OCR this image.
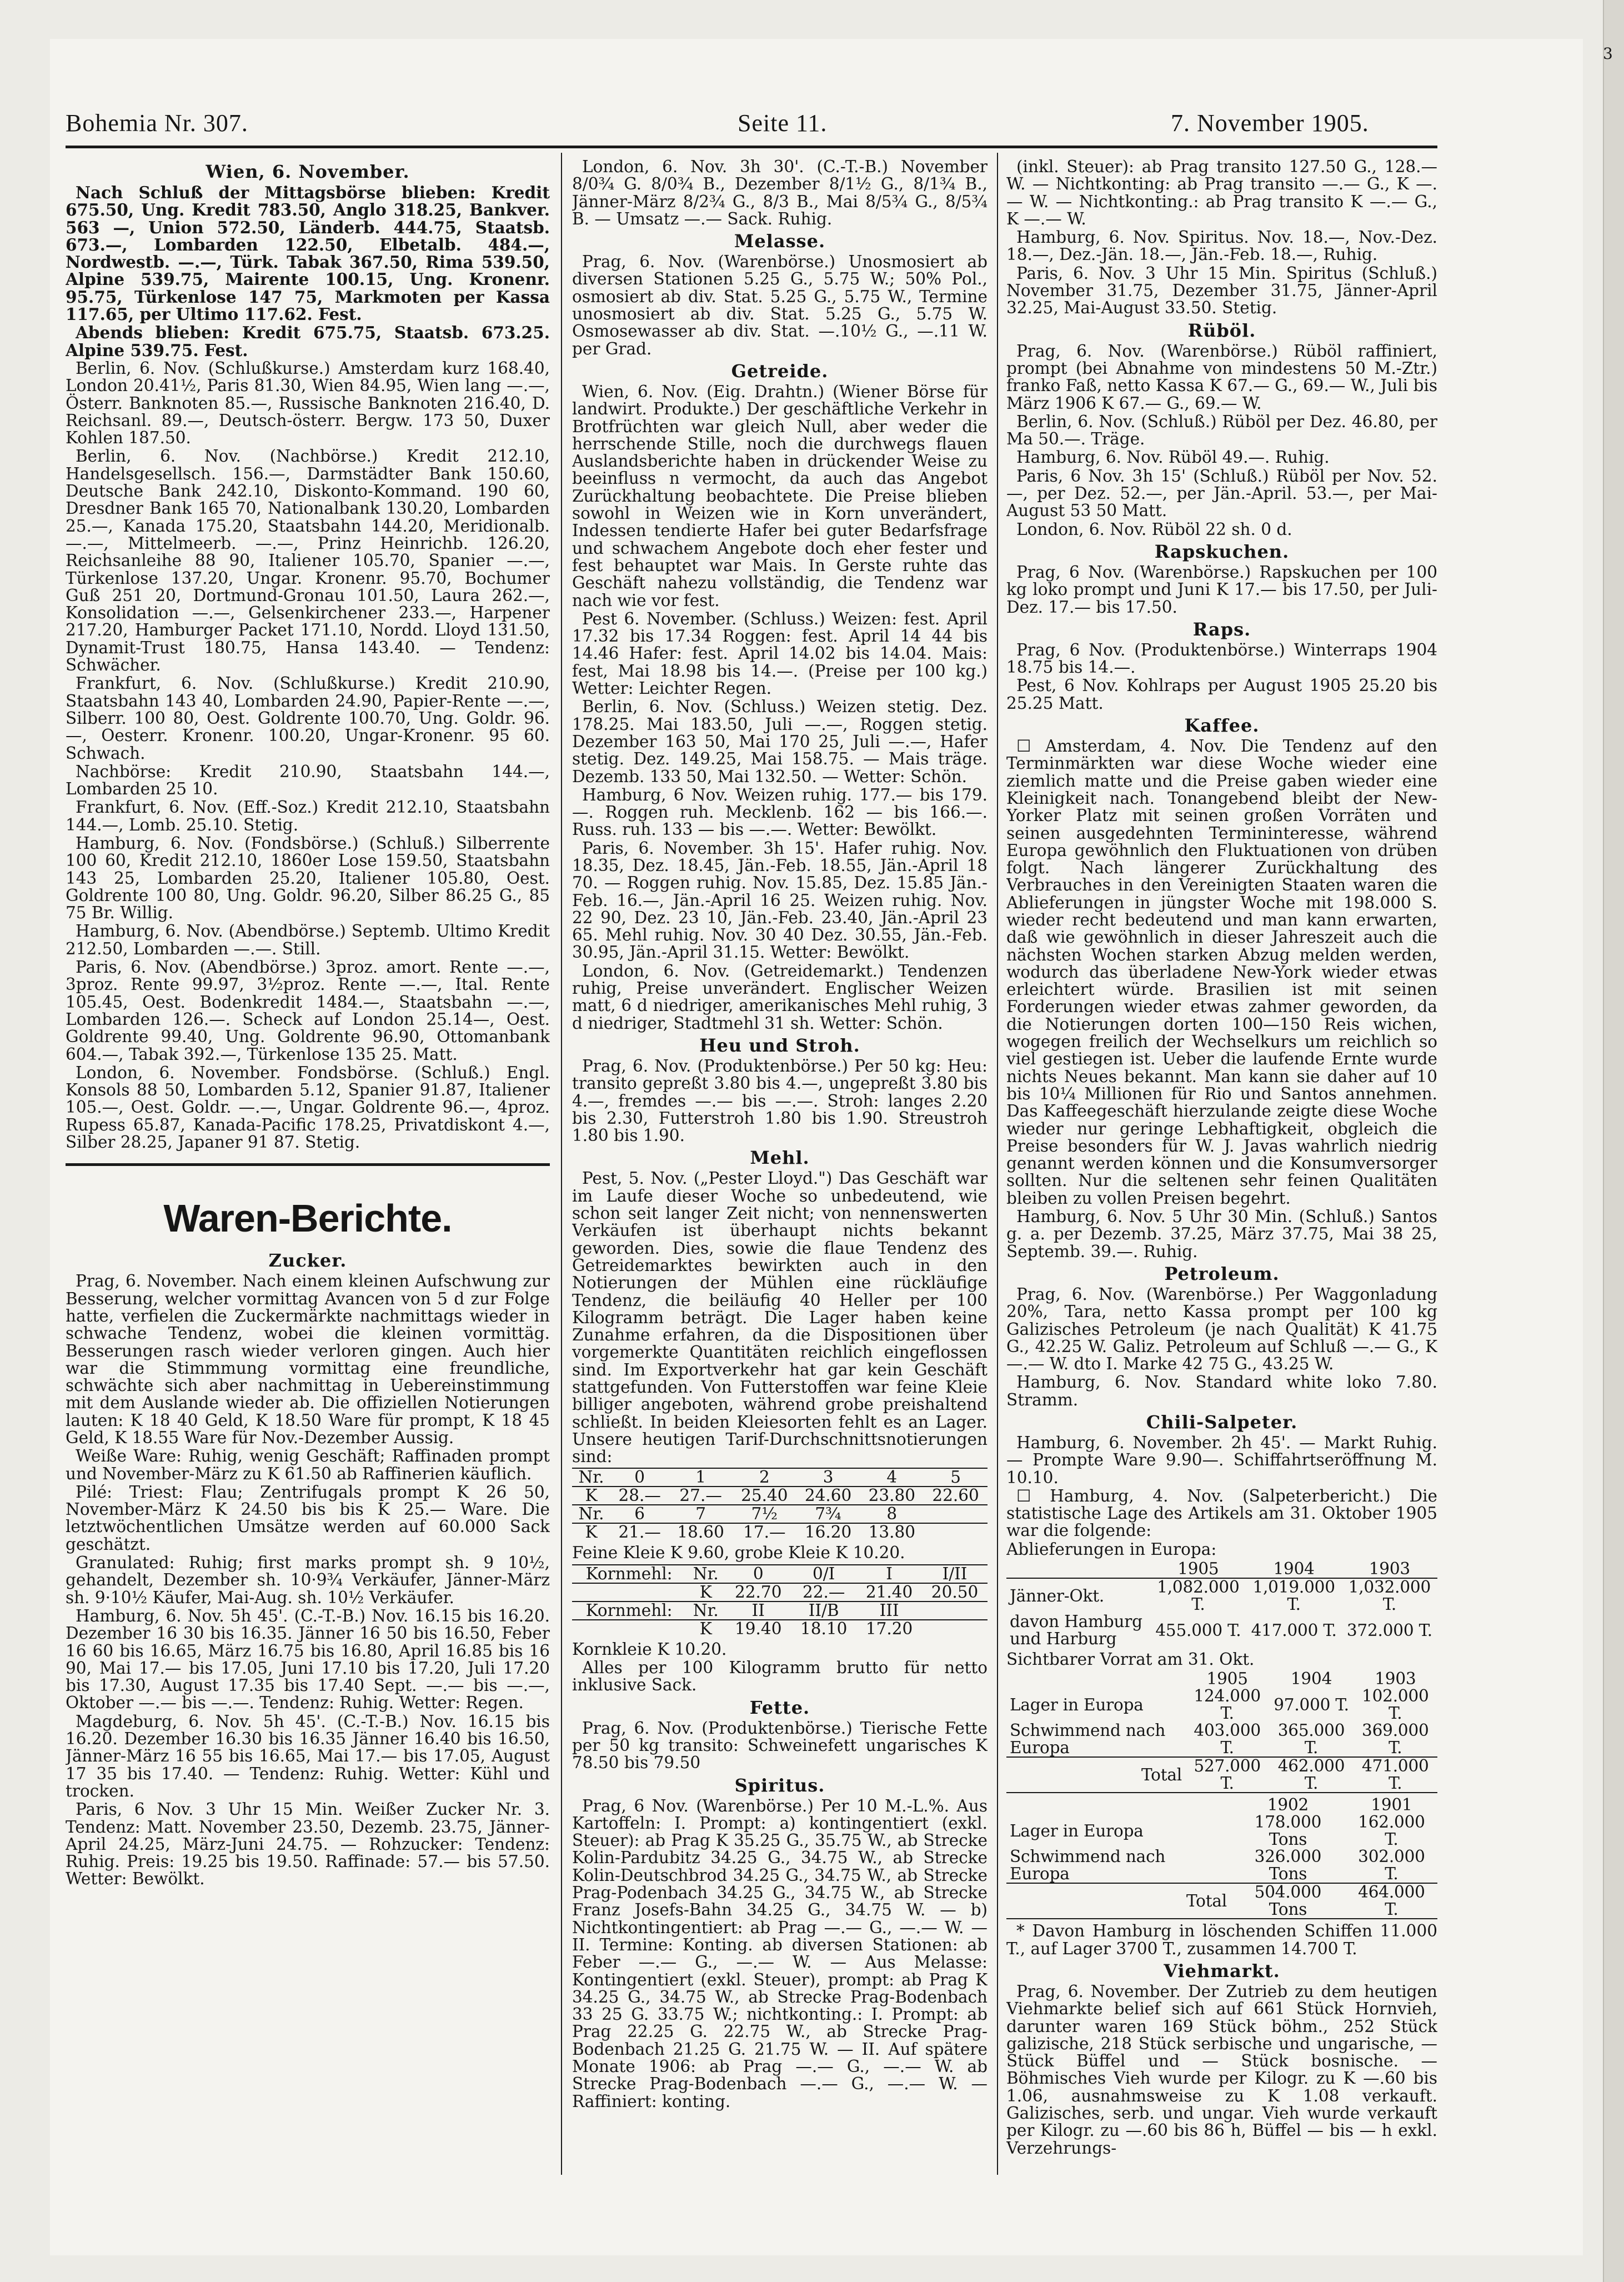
3
Bohemia Nr. 307.	Seite 11.	7. November 1905.
Wien, 6. November.

Nach Schluß der Mittagsbörse blieben: Kredit 675.50, Ung. Kredit 783.50, Anglo 318.25, Bankver. 563 —, Union 572.50, Länderb. 444.75, Staatsb. 673.—, Lombarden 122.50, Elbetalb. 484.—, Nordwestb. —.—, Türk. Tabak 367.50, Rima 539.50, Alpine 539.75, Mairente 100.15, Ung. Kronenr. 95.75, Türkenlose 147 75, Markmoten per Kassa 117.65, per Ultimo 117.62. Fest.

Abends blieben: Kredit 675.75, Staatsb. 673.25. Alpine 539.75. Fest.

Berlin, 6. Nov. (Schlußkurse.) Amsterdam kurz 168.40, London 20.41½, Paris 81.30, Wien 84.95, Wien lang —.—, Österr. Banknoten 85.—, Russische Banknoten 216.40, D. Reichsanl. 89.—, Deutsch-österr. Bergw. 173 50, Duxer Kohlen 187.50.

Berlin, 6. Nov. (Nachbörse.) Kredit 212.10, Handelsgesellsch. 156.—, Darmstädter Bank 150.60, Deutsche Bank 242.10, Diskonto-Kommand. 190 60, Dresdner Bank 165 70, Nationalbank 130.20, Lombarden 25.—, Kanada 175.20, Staatsbahn 144.20, Meridionalb. —.—, Mittelmeerb. —.—, Prinz Heinrichb. 126.20, Reichsanleihe 88 90, Italiener 105.70, Spanier —.—, Türkenlose 137.20, Ungar. Kronenr. 95.70, Bochumer Guß 251 20, Dortmund-Gronau 101.50, Laura 262.—, Konsolidation —.—, Gelsenkirchener 233.—, Harpener 217.20, Hamburger Packet 171.10, Nordd. Lloyd 131.50, Dynamit-Trust 180.75, Hansa 143.40. — Tendenz: Schwächer.

Frankfurt, 6. Nov. (Schlußkurse.) Kredit 210.90, Staatsbahn 143 40, Lombarden 24.90, Papier-Rente —.—, Silberr. 100 80, Oest. Goldrente 100.70, Ung. Goldr. 96.—, Oesterr. Kronenr. 100.20, Ungar-Kronenr. 95 60. Schwach.

Nachbörse: Kredit 210.90, Staatsbahn 144.—, Lombarden 25 10.

Frankfurt, 6. Nov. (Eff.-Soz.) Kredit 212.10, Staatsbahn 144.—, Lomb. 25.10. Stetig.

Hamburg, 6. Nov. (Fondsbörse.) (Schluß.) Silberrente 100 60, Kredit 212.10, 1860er Lose 159.50, Staatsbahn 143 25, Lombarden 25.20, Italiener 105.80, Oest. Goldrente 100 80, Ung. Goldr. 96.20, Silber 86.25 G., 85 75 Br. Willig.

Hamburg, 6. Nov. (Abendbörse.) Septemb. Ultimo Kredit 212.50, Lombarden —.—. Still.

Paris, 6. Nov. (Abendbörse.) 3proz. amort. Rente —.—, 3proz. Rente 99.97, 3½proz. Rente —.—, Ital. Rente 105.45, Oest. Bodenkredit 1484.—, Staatsbahn —.—, Lombarden 126.—. Scheck auf London 25.14—, Oest. Goldrente 99.40, Ung. Goldrente 96.90, Ottomanbank 604.—, Tabak 392.—, Türkenlose 135 25. Matt.

London, 6. November. Fondsbörse. (Schluß.) Engl. Konsols 88 50, Lombarden 5.12, Spanier 91.87, Italiener 105.—, Oest. Goldr. —.—, Ungar. Goldrente 96.—, 4proz. Rupess 65.87, Kanada-Pacific 178.25, Privatdiskont 4.—, Silber 28.25, Japaner 91 87. Stetig.

Waren-Berichte.
Zucker.

Prag, 6. November. Nach einem kleinen Aufschwung zur Besserung, welcher vormittag Avancen von 5 d zur Folge hatte, verfielen die Zuckermärkte nachmittags wieder in schwache Tendenz, wobei die kleinen vormittäg. Besserungen rasch wieder verloren gingen. Auch hier war die Stimmmung vormittag eine freundliche, schwächte sich aber nachmittag in Uebereinstimmung mit dem Auslande wieder ab. Die offiziellen Notierungen lauten: K 18 40 Geld, K 18.50 Ware für prompt, K 18 45 Geld, K 18.55 Ware für Nov.-Dezember Aussig.

Weiße Ware: Ruhig, wenig Geschäft; Raffinaden prompt und November-März zu K 61.50 ab Raffinerien käuflich.

Pilé: Triest: Flau; Zentrifugals prompt K 26 50, November-März K 24.50 bis bis K 25.— Ware. Die letztwöchentlichen Umsätze werden auf 60.000 Sack geschätzt.

Granulated: Ruhig; first marks prompt sh. 9 10½, gehandelt, Dezember sh. 10·9¾ Verkäufer, Jänner-März sh. 9·10½ Käufer, Mai-Aug. sh. 10½ Verkäufer.

Hamburg, 6. Nov. 5h 45'. (C.-T.-B.) Nov. 16.15 bis 16.20. Dezember 16 30 bis 16.35. Jänner 16 50 bis 16.50, Feber 16 60 bis 16.65, März 16.75 bis 16.80, April 16.85 bis 16 90, Mai 17.— bis 17.05, Juni 17.10 bis 17.20, Juli 17.20 bis 17.30, August 17.35 bis 17.40 Sept. —.— bis —.—, Oktober —.— bis —.—. Tendenz: Ruhig. Wetter: Regen.

Magdeburg, 6. Nov. 5h 45'. (C.-T.-B.) Nov. 16.15 bis 16.20. Dezember 16.30 bis 16.35 Jänner 16.40 bis 16.50, Jänner-März 16 55 bis 16.65, Mai 17.— bis 17.05, August 17 35 bis 17.40. — Tendenz: Ruhig. Wetter: Kühl und trocken.

Paris, 6 Nov. 3 Uhr 15 Min. Weißer Zucker Nr. 3. Tendenz: Matt. November 23.50, Dezemb. 23.75, Jänner-April 24.25, März-Juni 24.75. — Rohzucker: Tendenz: Ruhig. Preis: 19.25 bis 19.50. Raffinade: 57.— bis 57.50. Wetter: Bewölkt.

London, 6. Nov. 3h 30'. (C.-T.-B.) November 8/0¾ G. 8/0¾ B., Dezember 8/1½ G., 8/1¾ B., Jänner-März 8/2¾ G., 8/3 B., Mai 8/5¾ G., 8/5¾ B. — Umsatz —.— Sack. Ruhig.

Melasse.

Prag, 6. Nov. (Warenbörse.) Unosmosiert ab diversen Stationen 5.25 G., 5.75 W.; 50% Pol., osmosiert ab div. Stat. 5.25 G., 5.75 W., Termine unosmosiert ab div. Stat. 5.25 G., 5.75 W. Osmosewasser ab div. Stat. —.10½ G., —.11 W. per Grad.

Getreide.

Wien, 6. Nov. (Eig. Drahtn.) (Wiener Börse für landwirt. Produkte.) Der geschäftliche Verkehr in Brotfrüchten war gleich Null, aber weder die herrschende Stille, noch die durchwegs flauen Auslandsberichte haben in drückender Weise zu beeinfluss n vermocht, da auch das Angebot Zurückhaltung beobachtete. Die Preise blieben sowohl in Weizen wie in Korn unverändert, Indessen tendierte Hafer bei guter Bedarfsfrage und schwachem Angebote doch eher fester und fest behauptet war Mais. In Gerste ruhte das Geschäft nahezu vollständig, die Tendenz war nach wie vor fest.

Pest 6. November. (Schluss.) Weizen: fest. April 17.32 bis 17.34 Roggen: fest. April 14 44 bis 14.46 Hafer: fest. April 14.02 bis 14.04. Mais: fest, Mai 18.98 bis 14.—. (Preise per 100 kg.) Wetter: Leichter Regen.

Berlin, 6. Nov. (Schluss.) Weizen stetig. Dez. 178.25. Mai 183.50, Juli —.—, Roggen stetig. Dezember 163 50, Mai 170 25, Juli —.—, Hafer stetig. Dez. 149.25, Mai 158.75. — Mais träge. Dezemb. 133 50, Mai 132.50. — Wetter: Schön.

Hamburg, 6 Nov. Weizen ruhig. 177.— bis 179.—. Roggen ruh. Mecklenb. 162 — bis 166.—. Russ. ruh. 133 — bis —.—. Wetter: Bewölkt.

Paris, 6. November. 3h 15'. Hafer ruhig. Nov. 18.35, Dez. 18.45, Jän.-Feb. 18.55, Jän.-April 18 70. — Roggen ruhig. Nov. 15.85, Dez. 15.85 Jän.-Feb. 16.—, Jän.-April 16 25. Weizen ruhig. Nov. 22 90, Dez. 23 10, Jän.-Feb. 23.40, Jän.-April 23 65. Mehl ruhig. Nov. 30 40 Dez. 30.55, Jän.-Feb. 30.95, Jän.-April 31.15. Wetter: Bewölkt.

London, 6. Nov. (Getreidemarkt.) Tendenzen ruhig, Preise unverändert. Englischer Weizen matt, 6 d niedriger, amerikanisches Mehl ruhig, 3 d niedriger, Stadtmehl 31 sh. Wetter: Schön.

Heu und Stroh.

Prag, 6. Nov. (Produktenbörse.) Per 50 kg: Heu: transito gepreßt 3.80 bis 4.—, ungepreßt 3.80 bis 4.—, fremdes —.— bis —.—. Stroh: langes 2.20 bis 2.30, Futterstroh 1.80 bis 1.90. Streustroh 1.80 bis 1.90.

Mehl.

Pest, 5. Nov. („Pester Lloyd.") Das Geschäft war im Laufe dieser Woche so unbedeutend, wie schon seit langer Zeit nicht; von nennenswerten Verkäufen ist überhaupt nichts bekannt geworden. Dies, sowie die flaue Tendenz des Getreidemarktes bewirkten auch in den Notierungen der Mühlen eine rückläufige Tendenz, die beiläufig 40 Heller per 100 Kilogramm beträgt. Die Lager haben keine Zunahme erfahren, da die Dispositionen über vorgemerkte Quantitäten reichlich eingeflossen sind. Im Exportverkehr hat gar kein Geschäft stattgefunden. Von Futterstoffen war feine Kleie billiger angeboten, während grobe preishaltend schließt. In beiden Kleiesorten fehlt es an Lager. Unsere heutigen Tarif-Durchschnittsnotierungen sind:

Nr.	0	1	2	3	4	5
K	28.—	27.—	25.40	24.60	23.80	22.60
Nr.	6	7	7½	7¾	8	
K	21.—	18.60	17.—	16.20	13.80	

Feine Kleie K 9.60, grobe Kleie K 10.20.

Kornmehl:	Nr.	0	0/I	I	I/II
	K	22.70	22.—	21.40	20.50
Kornmehl:	Nr.	II	II/B	III	
	K	19.40	18.10	17.20	

Kornkleie K 10.20.

Alles per 100 Kilogramm brutto für netto inklusive Sack.

Fette.

Prag, 6. Nov. (Produktenbörse.) Tierische Fette per 50 kg transito: Schweinefett ungarisches K 78.50 bis 79.50

Spiritus.

Prag, 6 Nov. (Warenbörse.) Per 10 M.-L.%. Aus Kartoffeln: I. Prompt: a) kontingentiert (exkl. Steuer): ab Prag K 35.25 G., 35.75 W., ab Strecke Kolin-Pardubitz 34.25 G., 34.75 W., ab Strecke Kolin-Deutschbrod 34.25 G., 34.75 W., ab Strecke Prag-Podenbach 34.25 G., 34.75 W., ab Strecke Franz Josefs-Bahn 34.25 G., 34.75 W. — b) Nichtkontingentiert: ab Prag —.— G., —.— W. — II. Termine: Konting. ab diversen Stationen: ab Feber —.— G., —.— W. — Aus Melasse: Kontingentiert (exkl. Steuer), prompt: ab Prag K 34.25 G., 34.75 W., ab Strecke Prag-Bodenbach 33 25 G. 33.75 W.; nichtkonting.: I. Prompt: ab Prag 22.25 G. 22.75 W., ab Strecke Prag-Bodenbach 21.25 G. 21.75 W. — II. Auf spätere Monate 1906: ab Prag —.— G., —.— W. ab Strecke Prag-Bodenbach —.— G., —.— W. — Raffiniert: konting.

(inkl. Steuer): ab Prag transito 127.50 G., 128.— W. — Nichtkonting: ab Prag transito —.— G., K —.— W. — Nichtkonting.: ab Prag transito K —.— G., K —.— W.

Hamburg, 6. Nov. Spiritus. Nov. 18.—, Nov.-Dez. 18.—, Dez.-Jän. 18.—, Jän.-Feb. 18.—, Ruhig.

Paris, 6. Nov. 3 Uhr 15 Min. Spiritus (Schluß.) November 31.75, Dezember 31.75, Jänner-April 32.25, Mai-August 33.50. Stetig.

Rüböl.

Prag, 6. Nov. (Warenbörse.) Rüböl raffiniert, prompt (bei Abnahme von mindestens 50 M.-Ztr.) franko Faß, netto Kassa K 67.— G., 69.— W., Juli bis März 1906 K 67.— G., 69.— W.

Berlin, 6. Nov. (Schluß.) Rüböl per Dez. 46.80, per Ma 50.—. Träge.

Hamburg, 6. Nov. Rüböl 49.—. Ruhig.

Paris, 6 Nov. 3h 15' (Schluß.) Rüböl per Nov. 52.—, per Dez. 52.—, per Jän.-April. 53.—, per Mai-August 53 50 Matt.

London, 6. Nov. Rüböl 22 sh. 0 d.

Rapskuchen.

Prag, 6 Nov. (Warenbörse.) Rapskuchen per 100 kg loko prompt und Juni K 17.— bis 17.50, per Juli-Dez. 17.— bis 17.50.

Raps.

Prag, 6 Nov. (Produktenbörse.) Winterraps 1904 18.75 bis 14.—.

Pest, 6 Nov. Kohlraps per August 1905 25.20 bis 25.25 Matt.

Kaffee.

☐ Amsterdam, 4. Nov. Die Tendenz auf den Terminmärkten war diese Woche wieder eine ziemlich matte und die Preise gaben wieder eine Kleinigkeit nach. Tonangebend bleibt der New-Yorker Platz mit seinen großen Vorräten und seinen ausgedehnten Termininteresse, während Europa gewöhnlich den Fluktuationen von drüben folgt. Nach längerer Zurückhaltung des Verbrauches in den Vereinigten Staaten waren die Ablieferungen in jüngster Woche mit 198.000 S. wieder recht bedeutend und man kann erwarten, daß wie gewöhnlich in dieser Jahreszeit auch die nächsten Wochen starken Abzug melden werden, wodurch das überladene New-York wieder etwas erleichtert würde. Brasilien ist mit seinen Forderungen wieder etwas zahmer geworden, da die Notierungen dorten 100—150 Reis wichen, wogegen freilich der Wechselkurs um reichlich so viel gestiegen ist. Ueber die laufende Ernte wurde nichts Neues bekannt. Man kann sie daher auf 10 bis 10¼ Millionen für Rio und Santos annehmen. Das Kaffeegeschäft hierzulande zeigte diese Woche wieder nur geringe Lebhaftigkeit, obgleich die Preise besonders für W. J. Javas wahrlich niedrig genannt werden können und die Konsumversorger sollten. Nur die seltenen sehr feinen Qualitäten bleiben zu vollen Preisen begehrt.

Hamburg, 6. Nov. 5 Uhr 30 Min. (Schluß.) Santos g. a. per Dezemb. 37.25, März 37.75, Mai 38 25, Septemb. 39.—. Ruhig.

Petroleum.

Prag, 6. Nov. (Warenbörse.) Per Waggonladung 20%, Tara, netto Kassa prompt per 100 kg Galizisches Petroleum (je nach Qualität) K 41.75 G., 42.25 W. Galiz. Petroleum auf Schluß —.— G., K —.— W. dto I. Marke 42 75 G., 43.25 W.

Hamburg, 6. Nov. Standard white loko 7.80. Stramm.

Chili-Salpeter.

Hamburg, 6. November. 2h 45'. — Markt Ruhig. — Prompte Ware 9.90—. Schiffahrtseröffnung M. 10.10.

☐ Hamburg, 4. Nov. (Salpeterbericht.) Die statistische Lage des Artikels am 31. Oktober 1905 war die folgende:

Ablieferungen in Europa:

	1905	1904	1903
Jänner-Okt.	1,082.000 T.	1,019.000 T.	1,032.000 T.
davon Hamburg und Harburg	455.000 T.	417.000 T.	372.000 T.

Sichtbarer Vorrat am 31. Okt.

	1905	1904	1903
Lager in Europa	124.000 T.	97.000 T.	102.000 T.
Schwimmend nach Europa	403.000 T.	365.000 T.	369.000 T.
Total	527.000 T.	462.000 T.	471.000 T.
	1902	1901
Lager in Europa	178.000 Tons	162.000 T.
Schwimmend nach Europa	326.000 Tons	302.000 T.
Total	504.000 Tons	464.000 T.

* Davon Hamburg in löschenden Schiffen 11.000 T., auf Lager 3700 T., zusammen 14.700 T.

Viehmarkt.

Prag, 6. November. Der Zutrieb zu dem heutigen Viehmarkte belief sich auf 661 Stück Hornvieh, darunter waren 169 Stück böhm., 252 Stück galizische, 218 Stück serbische und ungarische, — Stück Büffel und — Stück bosnische. — Böhmisches Vieh wurde per Kilogr. zu K —.60 bis 1.06, ausnahmsweise zu K 1.08 verkauft. Galizisches, serb. und ungar. Vieh wurde verkauft per Kilogr. zu —.60 bis 86 h, Büffel — bis — h exkl. Verzehrungs-
